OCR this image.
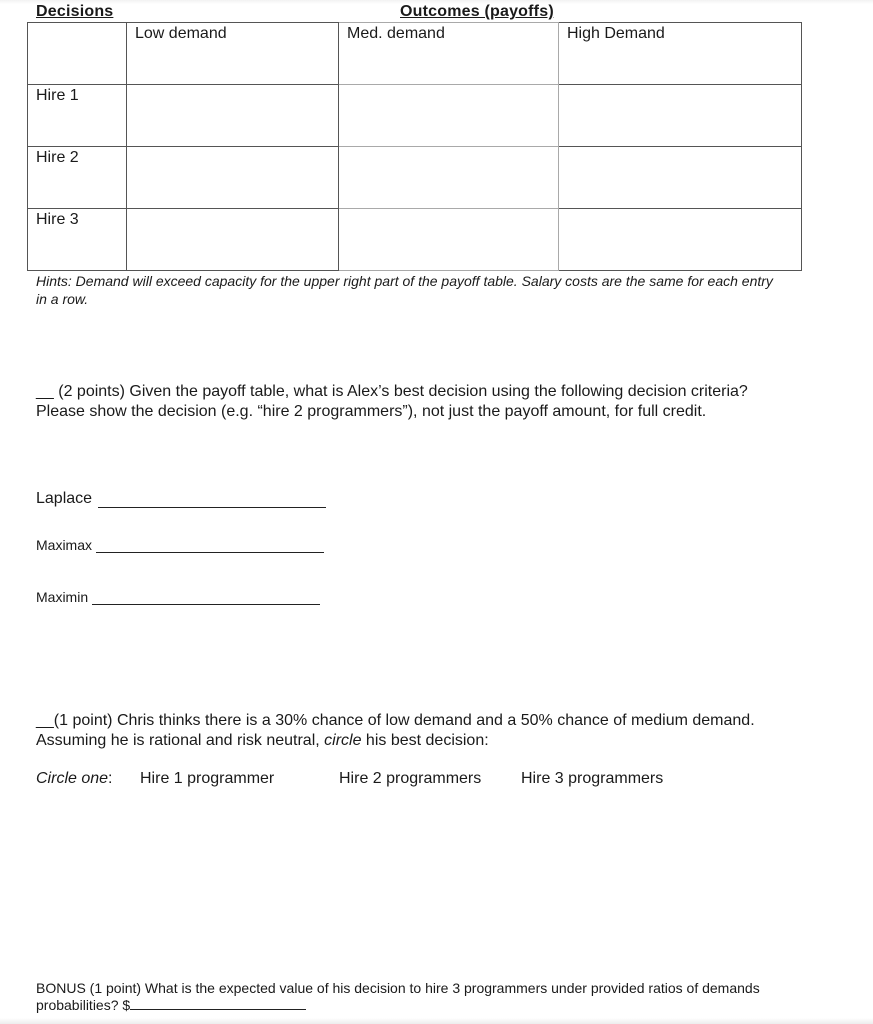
Decisions	Outcomes (payoffs)

	Low demand	Med. demand	High Demand

Hire 1			

Hire 2			

Hire 3			

Hints: Demand will exceed capacity for the upper right part of the payoff table. Salary costs are the same for each entry in a row.
__ (2 points) Given the payoff table, what is Alex’s best decision using the following decision criteria? Please show the decision (e.g. “hire 2 programmers”), not just the payoff amount, for full credit.
Laplace
Maximax
Maximin
__(1 point) Chris thinks there is a 30% chance of low demand and a 50% chance of medium demand. Assuming he is rational and risk neutral, circle his best decision:
Circle one: Hire 1 programmer	Hire 2 programmers Hire 3 programmers
BONUS (1 point) What is the expected value of his decision to hire 3 programmers under provided ratios of demands probabilities? $
